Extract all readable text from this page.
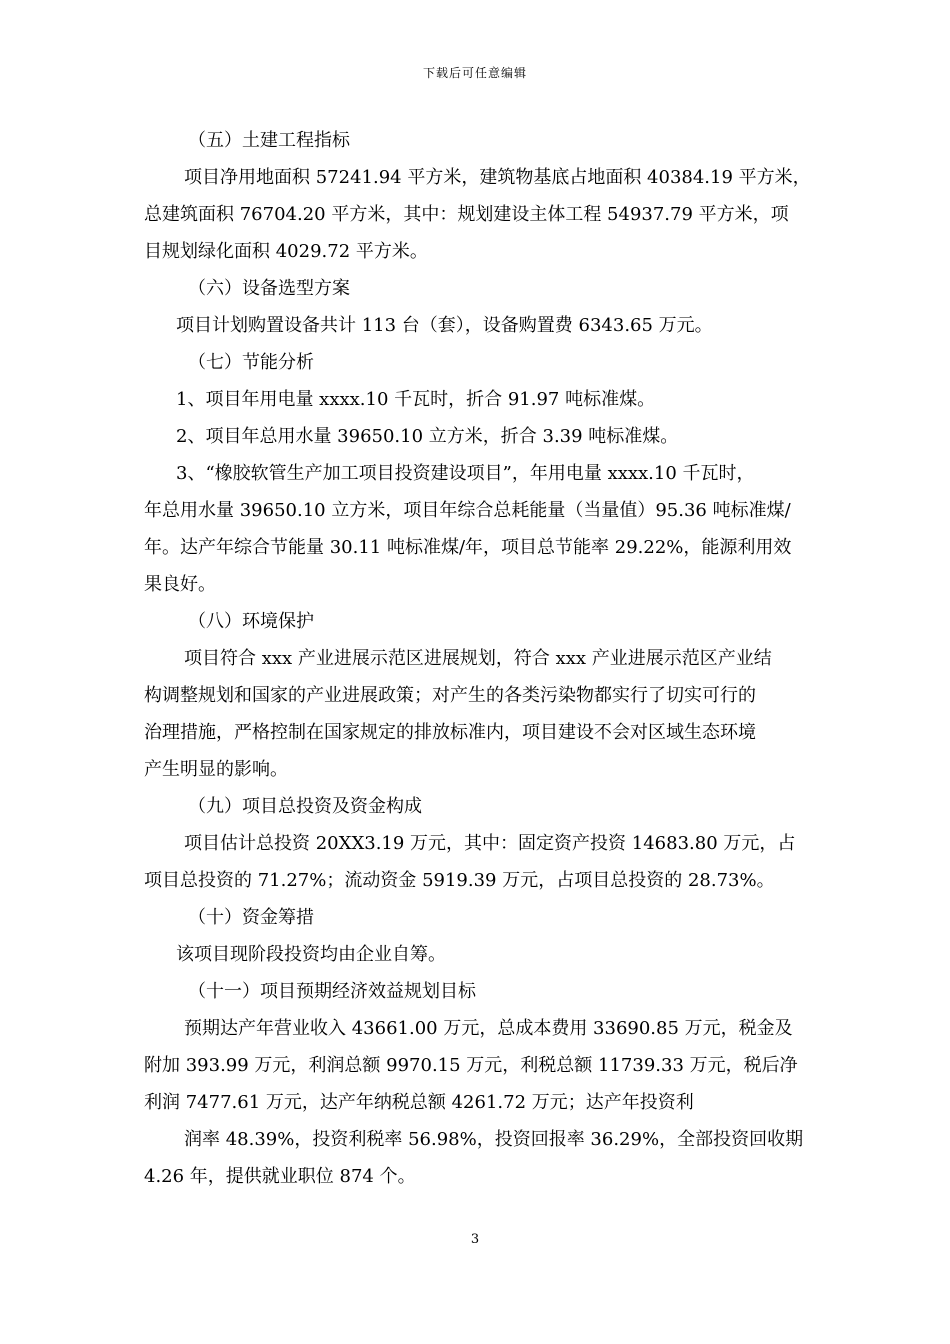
下载后可任意编辑
（五）土建工程指标
项目净用地面积 57241.94 平方米，建筑物基底占地面积 40384.19 平方米，
总建筑面积 76704.20 平方米，其中：规划建设主体工程 54937.79 平方米，项
目规划绿化面积 4029.72 平方米。
（六）设备选型方案
项目计划购置设备共计 113 台（套），设备购置费 6343.65 万元。
（七）节能分析
1、项目年用电量 xxxx.10 千瓦时，折合 91.97 吨标准煤。
2、项目年总用水量 39650.10 立方米，折合 3.39 吨标准煤。
3、“橡胶软管生产加工项目投资建设项目”，年用电量 xxxx.10 千瓦时，
年总用水量 39650.10 立方米，项目年综合总耗能量（当量值）95.36 吨标准煤/
年。达产年综合节能量 30.11 吨标准煤/年，项目总节能率 29.22%，能源利用效
果良好。
（八）环境保护
项目符合 xxx 产业进展示范区进展规划，符合 xxx 产业进展示范区产业结
构调整规划和国家的产业进展政策；对产生的各类污染物都实行了切实可行的
治理措施，严格控制在国家规定的排放标准内，项目建设不会对区域生态环境
产生明显的影响。
（九）项目总投资及资金构成
项目估计总投资 20XX3.19 万元，其中：固定资产投资 14683.80 万元，占
项目总投资的 71.27%；流动资金 5919.39 万元，占项目总投资的 28.73%。
（十）资金筹措
该项目现阶段投资均由企业自筹。
（十一）项目预期经济效益规划目标
预期达产年营业收入 43661.00 万元，总成本费用 33690.85 万元，税金及
附加 393.99 万元，利润总额 9970.15 万元，利税总额 11739.33 万元，税后净
利润 7477.61 万元，达产年纳税总额 4261.72 万元；达产年投资利
润率 48.39%，投资利税率 56.98%，投资回报率 36.29%，全部投资回收期
4.26 年，提供就业职位 874 个。
3
